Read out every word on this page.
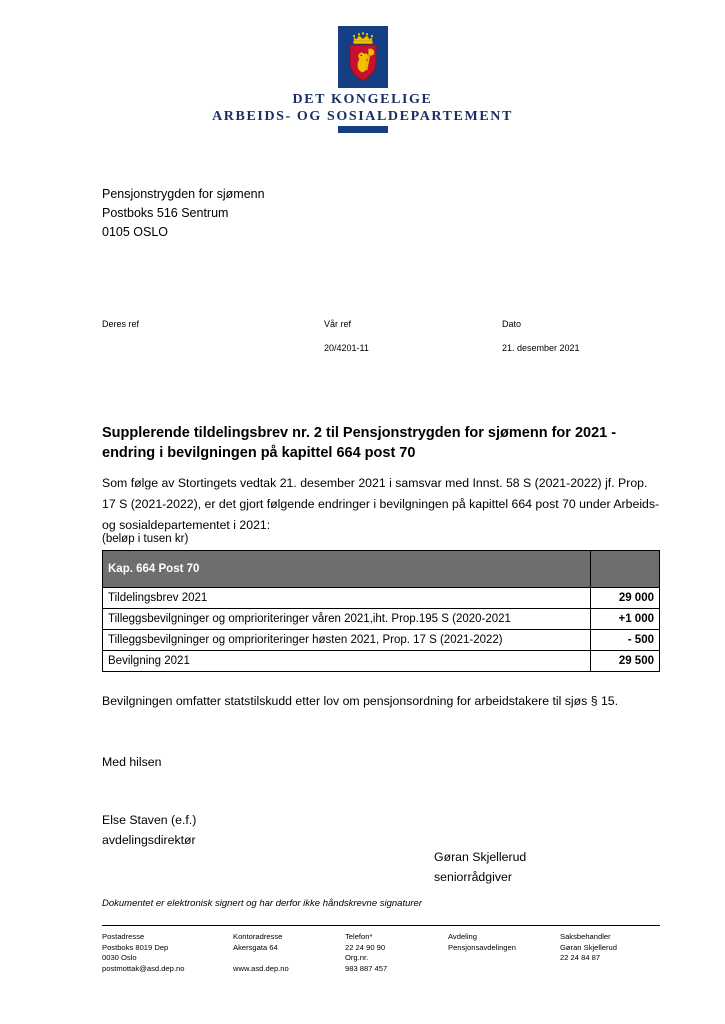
DET KONGELIGE
ARBEIDS- OG SOSIALDEPARTEMENT
Pensjonstrygden for sjømenn
Postboks 516 Sentrum
0105 OSLO
Deres ref	Vår ref
20/4201-11
Dato
21. desember 2021
Supplerende tildelingsbrev nr. 2 til Pensjonstrygden for sjømenn for 2021 - endring i bevilgningen på kapittel 664 post 70

Som følge av Stortingets vedtak 21. desember 2021 i samsvar med Innst. 58 S (2021-2022) jf. Prop. 17 S (2021-2022), er det gjort følgende endringer i bevilgningen på kapittel 664 post 70 under Arbeids- og sosialdepartementet i 2021:

(beløp i tusen kr)
Kap. 664 Post 70	
Tildelingsbrev 2021	29 000
Tilleggsbevilgninger og omprioriteringer våren 2021,iht. Prop.195 S (2020-2021	+1 000
Tilleggsbevilgninger og omprioriteringer høsten 2021, Prop. 17 S (2021-2022)	- 500
Bevilgning 2021	29 500

Bevilgningen omfatter statstilskudd etter lov om pensjonsordning for arbeidstakere til sjøs § 15.

Med hilsen
Else Staven (e.f.)
avdelingsdirektør
Gøran Skjellerud
seniorrådgiver
Dokumentet er elektronisk signert og har derfor ikke håndskrevne signaturer
Postadresse
Postboks 8019 Dep
0030 Oslo
postmottak@asd.dep.no
Kontoradresse
Akersgata 64
www.asd.dep.no
Telefon*
22 24 90 90
Org.nr.
983 887 457
Avdeling
Pensjonsavdelingen
Saksbehandler
Gøran Skjellerud
22 24 84 87
